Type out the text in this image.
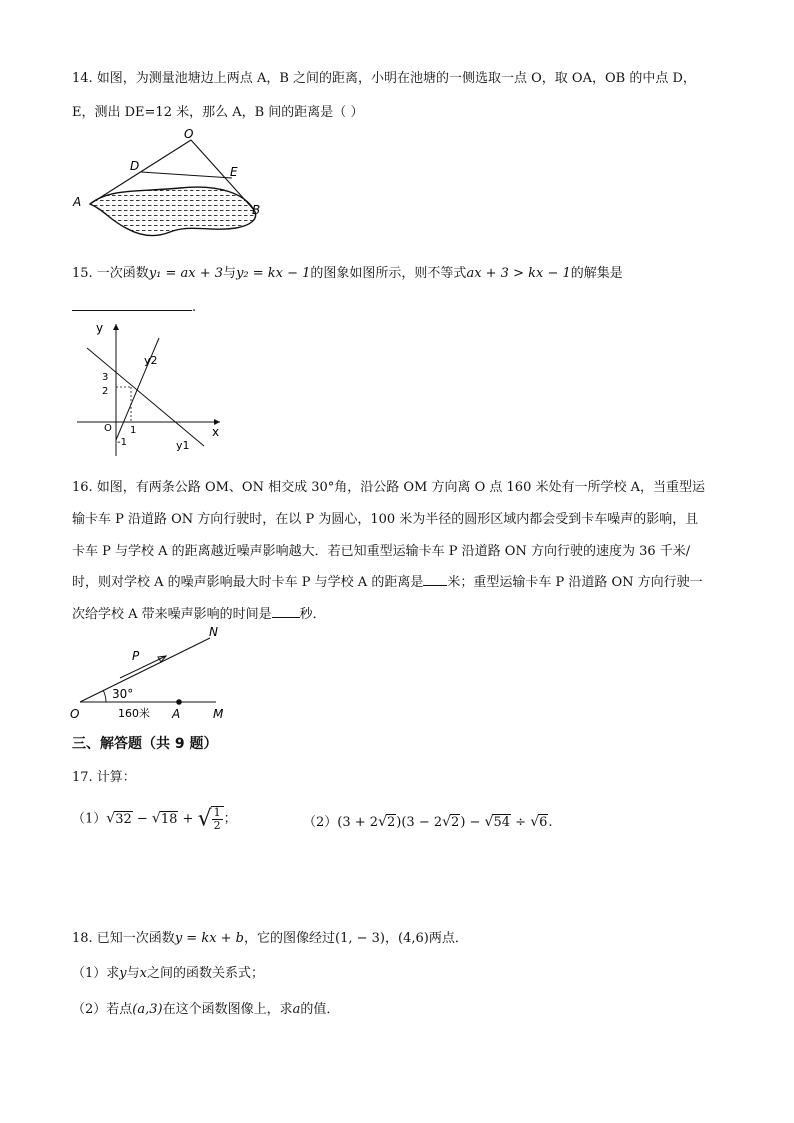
14. 如图，为测量池塘边上两点 A，B 之间的距离，小明在池塘的一侧选取一点 O，取 OA，OB 的中点 D，
E，测出 DE=12 米，那么 A，B 间的距离是（ ）
O
D	E
A
B
15. 一次函数y₁ = ax + 3与y₂ = kx − 1的图象如图所示，则不等式ax + 3 > kx − 1的解集是
.
y
x
O
3
2
1
-1	y1
y2
16. 如图，有两条公路 OM、ON 相交成 30°角，沿公路 OM 方向离 O 点 160 米处有一所学校 A，当重型运
输卡车 P 沿道路 ON 方向行驶时，在以 P 为圆心，100 米为半径的圆形区域内都会受到卡车噪声的影响，且
卡车 P 与学校 A 的距离越近噪声影响越大．若已知重型运输卡车 P 沿道路 ON 方向行驶的速度为 36 千米/
时，则对学校 A 的噪声影响最大时卡车 P 与学校 A 的距离是 米；重型运输卡车 P 沿道路 ON 方向行驶一
次给学校 A 带来噪声影响的时间是 秒．
N
P
30°
O	160米 A	M
三、解答题（共 9 题）
17. 计算：
（1）√32 − √18 + √ $\frac{1}{2}$ ；	（2）(3 + 2√2)(3 − 2√2) − √54 ÷ √6.
18. 已知一次函数y = kx + b，它的图像经过(1, − 3)，(4,6)两点．
（1）求y与x之间的函数关系式；
（2）若点(a,3)在这个函数图像上，求a的值．
